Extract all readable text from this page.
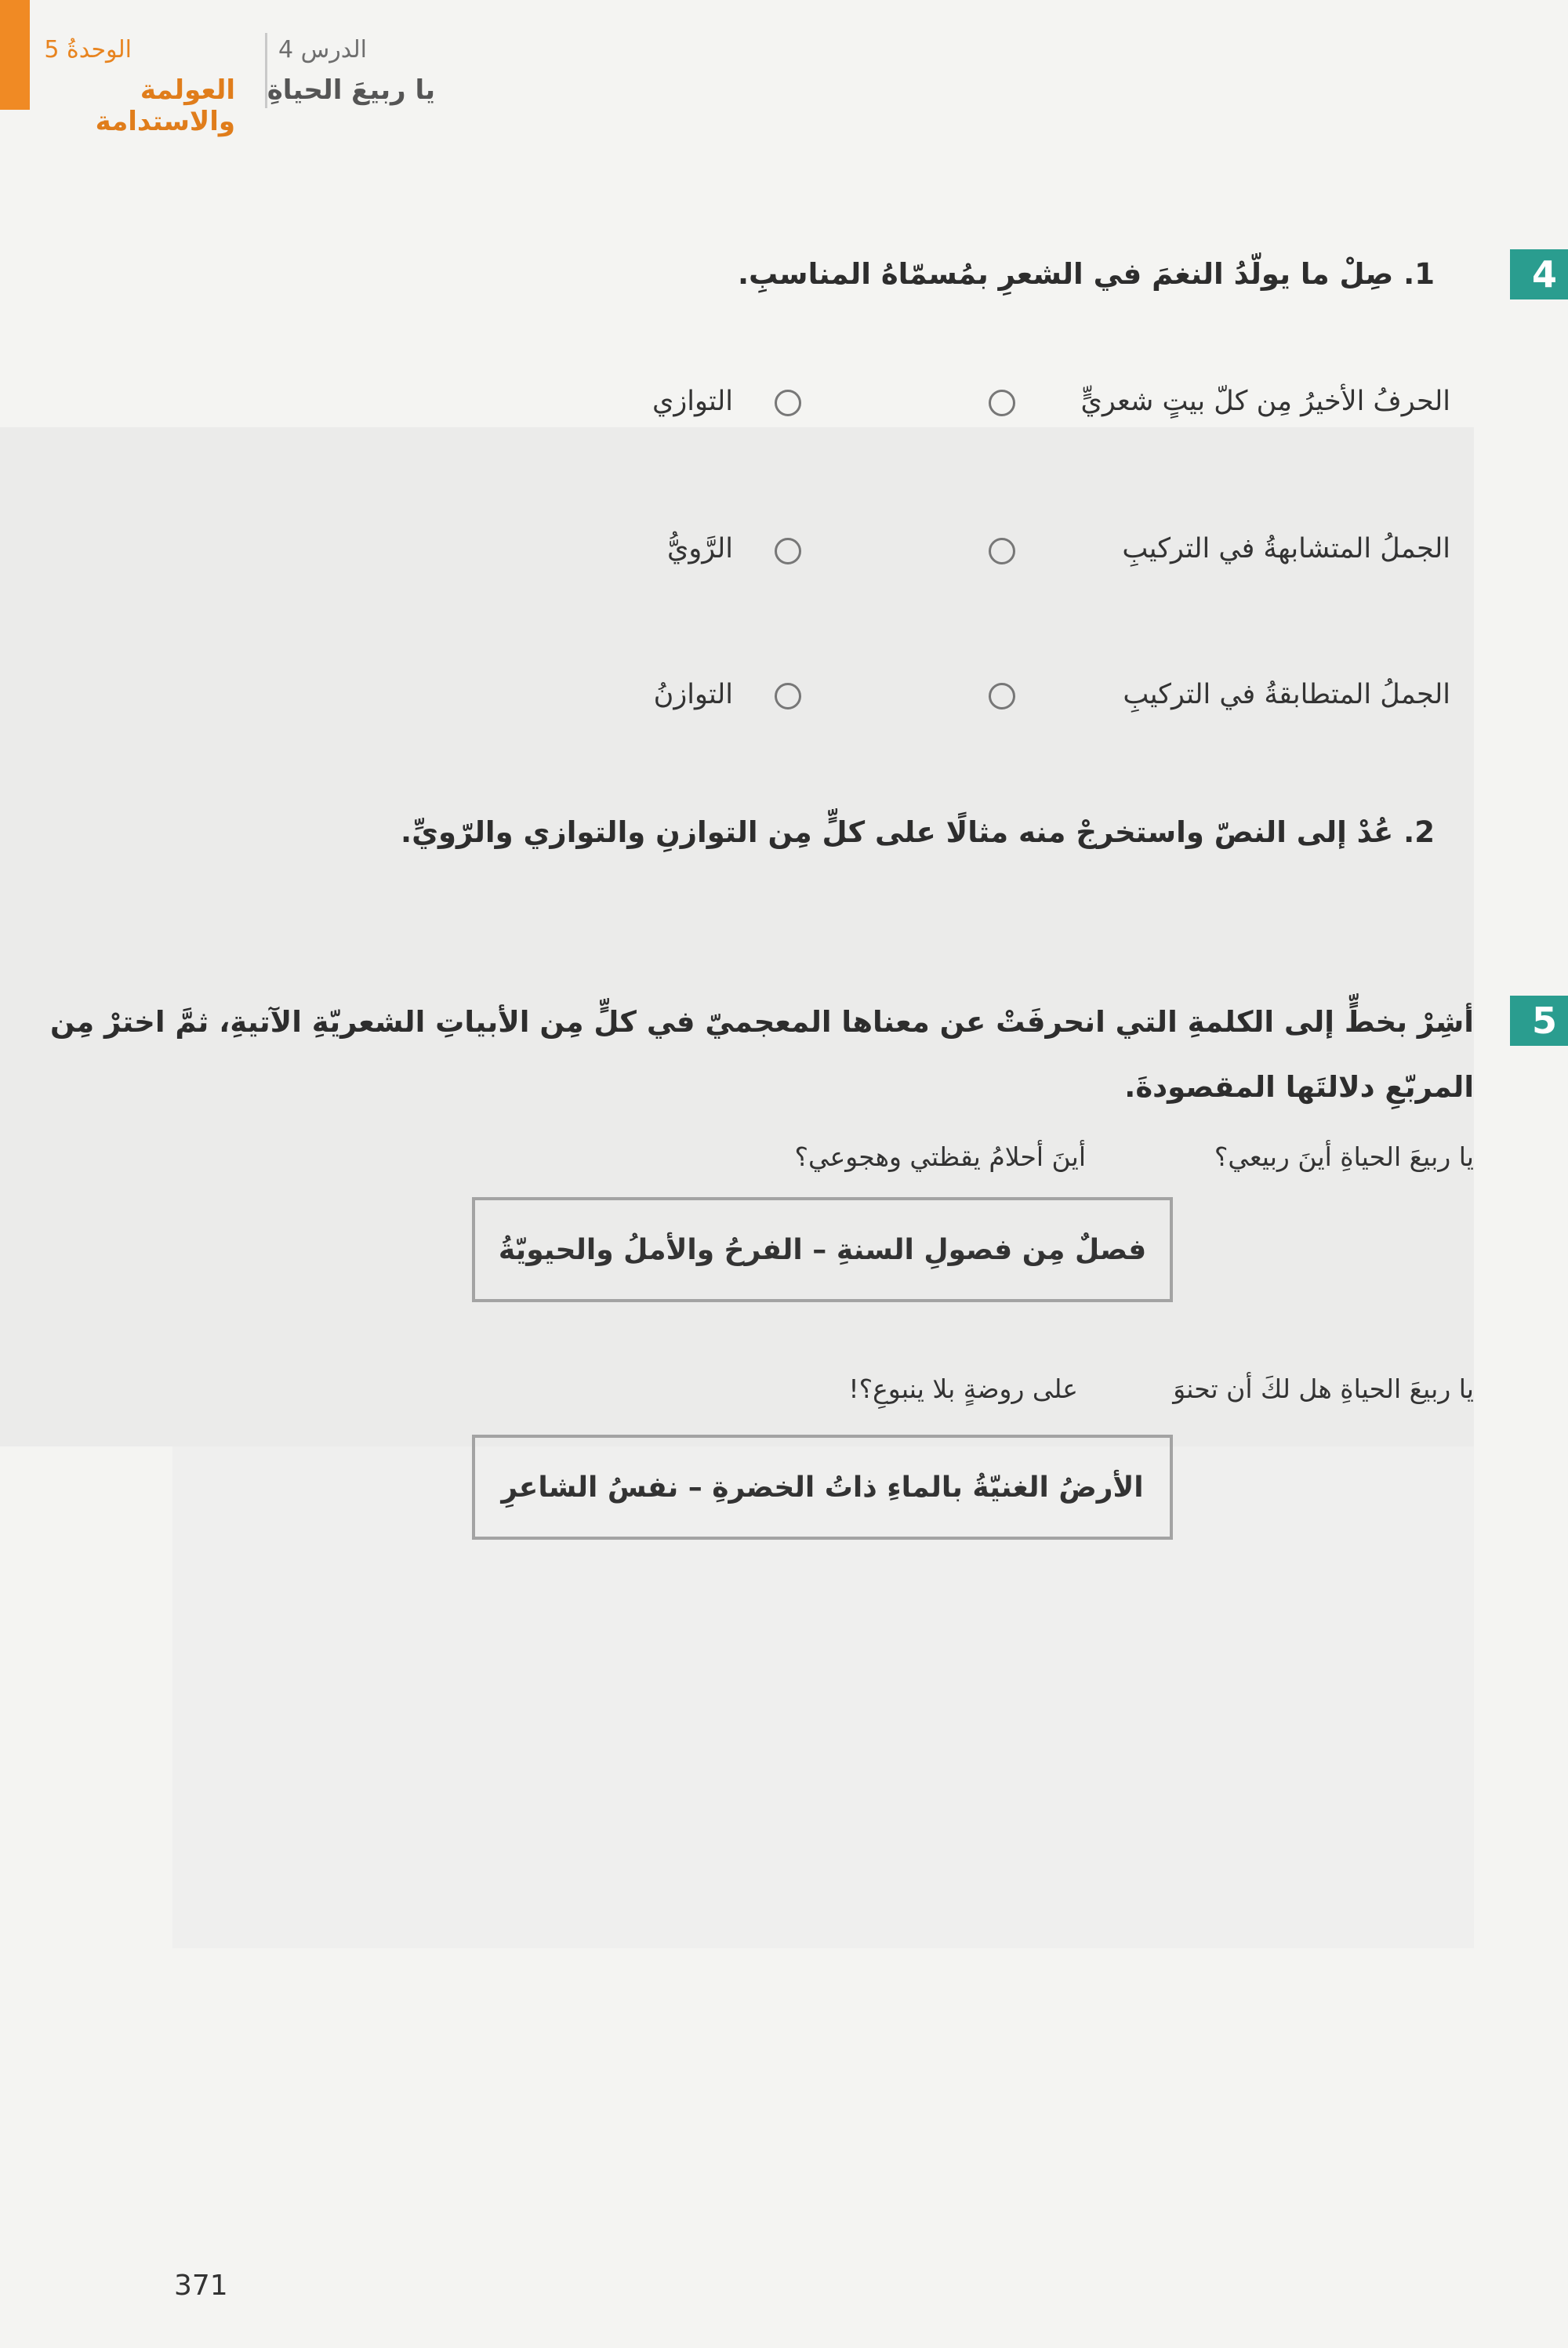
الوحدةُ 5
العولمة والاستدامة
الدرس 4
يا ربيعَ الحياةِ
4
1. صِلْ ما يولّدُ النغمَ في الشعرِ بمُسمّاهُ المناسبِ.
الحرفُ الأخيرُ مِن كلّ بيتٍ شعريٍّ
التوازي
الجملُ المتشابهةُ في التركيبِ
الرَّويُّ
الجملُ المتطابقةُ في التركيبِ
التوازنُ
2. عُدْ إلى النصّ واستخرجْ منه مثالًا على كلٍّ مِن التوازنِ والتوازي والرّويِّ.
5
أشِرْ بخطٍّ إلى الكلمةِ التي انحرفَتْ عن معناها المعجميّ في كلٍّ مِن الأبياتِ الشعريّةِ الآتيةِ، ثمَّ اخترْ مِن
المربّعِ دلالتَها المقصودةَ.
يا ربيعَ الحياةِ أينَ ربيعي؟
أينَ أحلامُ يقظتي وهجوعي؟
فصلٌ مِن فصولِ السنةِ – الفرحُ والأملُ والحيويّةُ
يا ربيعَ الحياةِ هل لكَ أن تحنوَ
على روضةٍ بلا ينبوعِ؟!
الأرضُ الغنيّةُ بالماءِ ذاتُ الخضرةِ – نفسُ الشاعرِ
371
